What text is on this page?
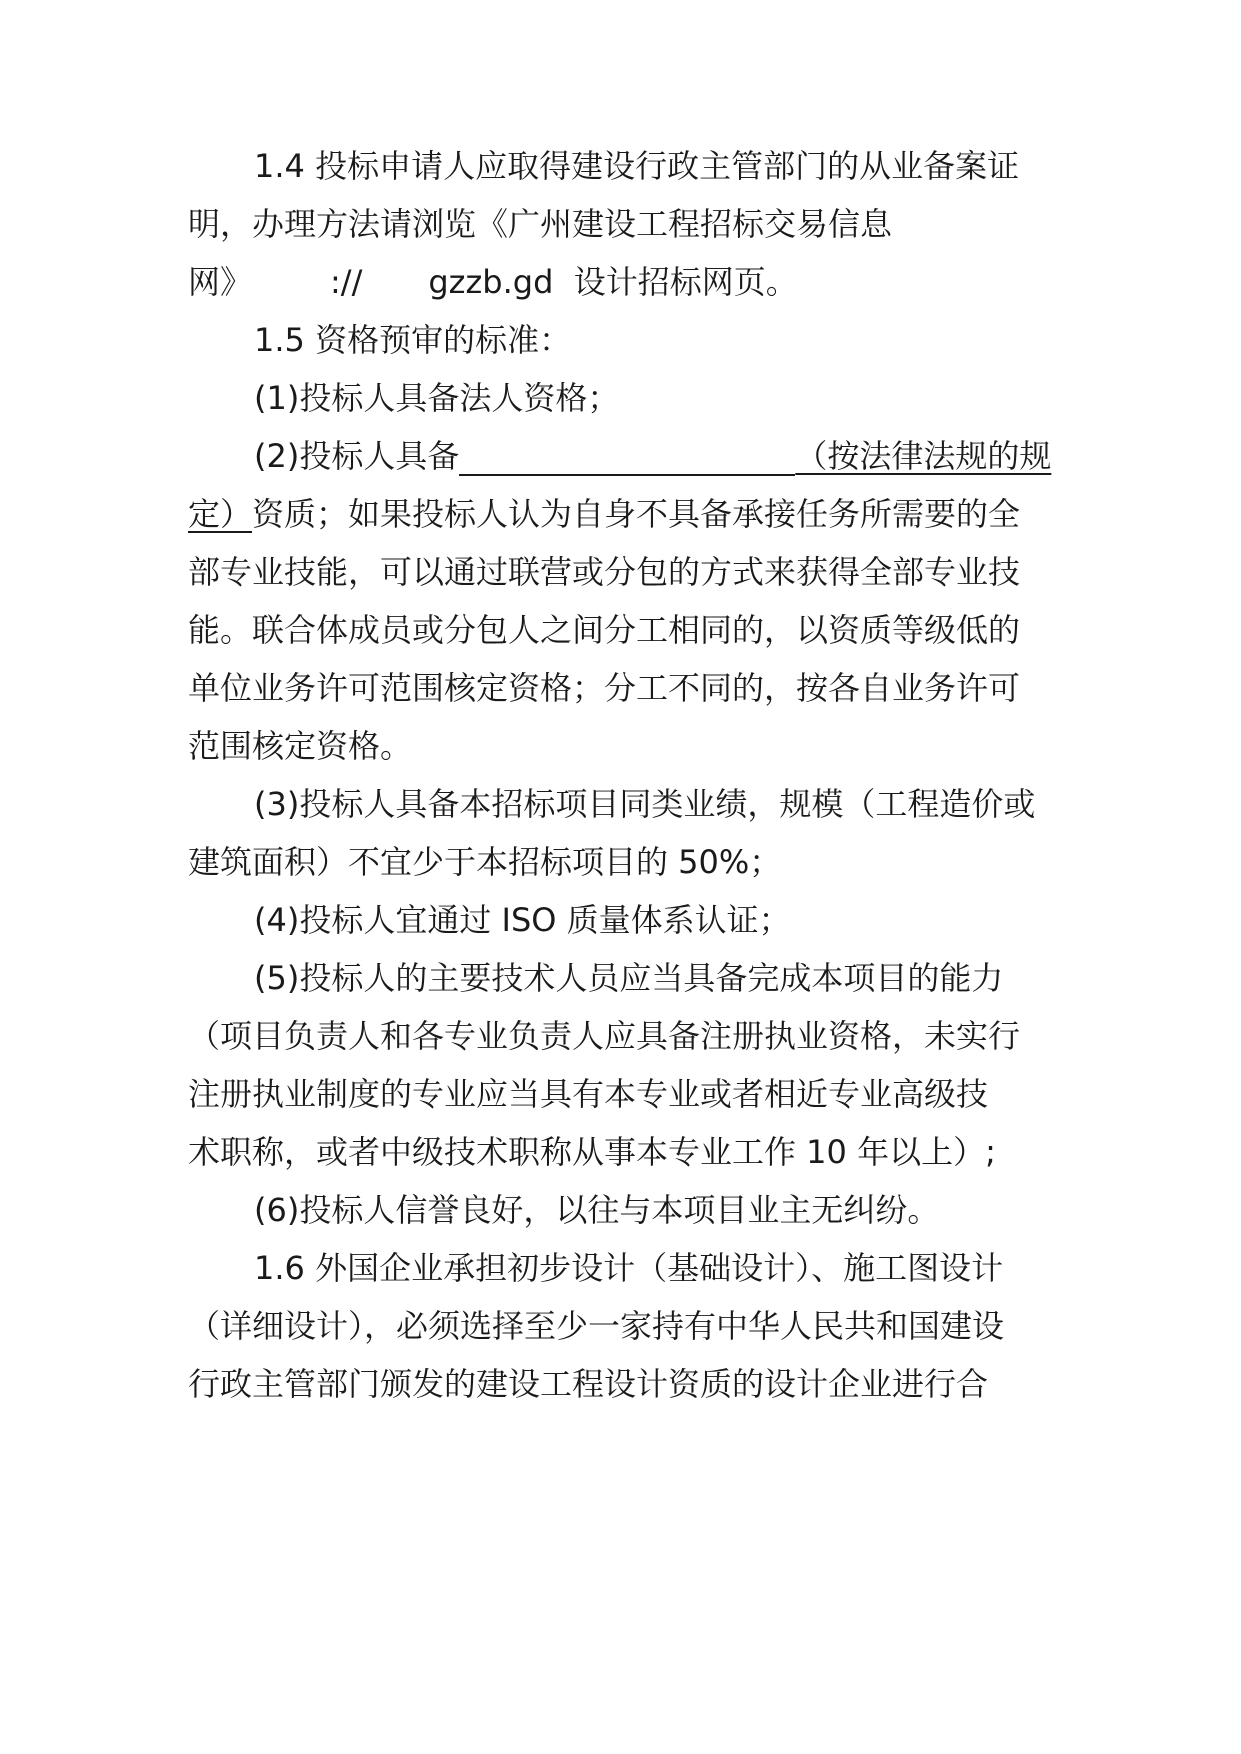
1.4 投标申请人应取得建设行政主管部门的从业备案证
明，办理方法请浏览《广州建设工程招标交易信息
网》 :// gzzb.gd 设计招标网页。
1.5 资格预审的标准：
(1)投标人具备法人资格；
(2)投标人具备	（按法律法规的规
定）资质；如果投标人认为自身不具备承接任务所需要的全
部专业技能，可以通过联营或分包的方式来获得全部专业技
能。联合体成员或分包人之间分工相同的，以资质等级低的
单位业务许可范围核定资格；分工不同的，按各自业务许可
范围核定资格。
(3)投标人具备本招标项目同类业绩，规模（工程造价或
建筑面积）不宜少于本招标项目的 50%；
(4)投标人宜通过 ISO 质量体系认证；
(5)投标人的主要技术人员应当具备完成本项目的能力
（项目负责人和各专业负责人应具备注册执业资格，未实行
注册执业制度的专业应当具有本专业或者相近专业高级技
术职称，或者中级技术职称从事本专业工作 10 年以上）;
(6)投标人信誉良好，以往与本项目业主无纠纷。
1.6 外国企业承担初步设计（基础设计）、施工图设计
（详细设计），必须选择至少一家持有中华人民共和国建设
行政主管部门颁发的建设工程设计资质的设计企业进行合
